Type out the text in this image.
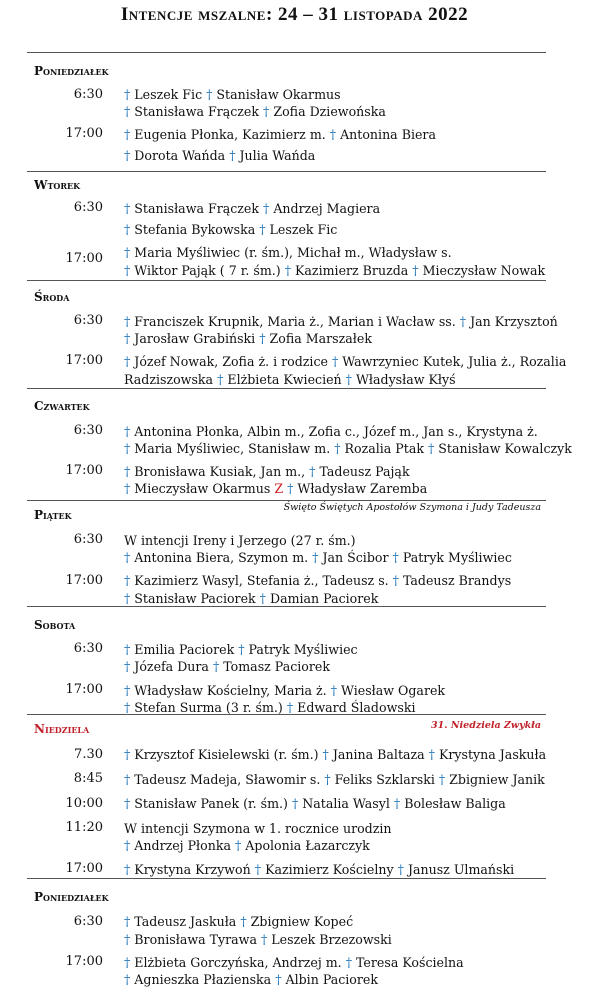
Intencje mszalne: 24 – 31 listopada 2022
Poniedziałek
6:30 † Leszek Fic † Stanisław Okarmus
† Stanisława Frączek † Zofia Dziewońska
17:00 † Eugenia Płonka, Kazimierz m. † Antonina Biera
† Dorota Wańda † Julia Wańda
Wtorek
6:30 † Stanisława Frączek † Andrzej Magiera
† Stefania Bykowska † Leszek Fic
17:00 † Maria Myśliwiec (r. śm.), Michał m., Władysław s.
† Wiktor Pająk ( 7 r. śm.) † Kazimierz Bruzda † Mieczysław Nowak
Środa
6:30 † Franciszek Krupnik, Maria ż., Marian i Wacław ss. † Jan Krzysztoń
† Jarosław Grabiński † Zofia Marszałek
17:00 † Józef Nowak, Zofia ż. i rodzice † Wawrzyniec Kutek, Julia ż., Rozalia
Radziszowska † Elżbieta Kwiecień † Władysław Kłyś
Czwartek
6:30 † Antonina Płonka, Albin m., Zofia c., Józef m., Jan s., Krystyna ż.
† Maria Myśliwiec, Stanisław m. † Rozalia Ptak † Stanisław Kowalczyk
17:00 † Bronisława Kusiak, Jan m., † Tadeusz Pająk
† Mieczysław Okarmus Z † Władysław Zaremba
Piątek
Święto Świętych Apostołów Szymona i Judy Tadeusza
6:30 W intencji Ireny i Jerzego (27 r. śm.)
† Antonina Biera, Szymon m. † Jan Ścibor † Patryk Myśliwiec
17:00 † Kazimierz Wasyl, Stefania ż., Tadeusz s. † Tadeusz Brandys
† Stanisław Paciorek † Damian Paciorek
Sobota
6:30 † Emilia Paciorek † Patryk Myśliwiec
† Józefa Dura † Tomasz Paciorek
17:00 † Władysław Kościelny, Maria ż. † Wiesław Ogarek
† Stefan Surma (3 r. śm.) † Edward Śladowski
Niedziela	31. Niedziela Zwykła
7.30 † Krzysztof Kisielewski (r. śm.) † Janina Baltaza † Krystyna Jaskuła
8:45 † Tadeusz Madeja, Sławomir s. † Feliks Szklarski † Zbigniew Janik
10:00 † Stanisław Panek (r. śm.) † Natalia Wasyl † Bolesław Baliga
11:20 W intencji Szymona w 1. rocznice urodzin
† Andrzej Płonka † Apolonia Łazarczyk
17:00 † Krystyna Krzywoń † Kazimierz Kościelny † Janusz Ulmański
Poniedziałek
6:30 † Tadeusz Jaskuła † Zbigniew Kopeć
† Bronisława Tyrawa † Leszek Brzezowski
17:00 † Elżbieta Gorczyńska, Andrzej m. † Teresa Kościelna
† Agnieszka Płazienska † Albin Paciorek
